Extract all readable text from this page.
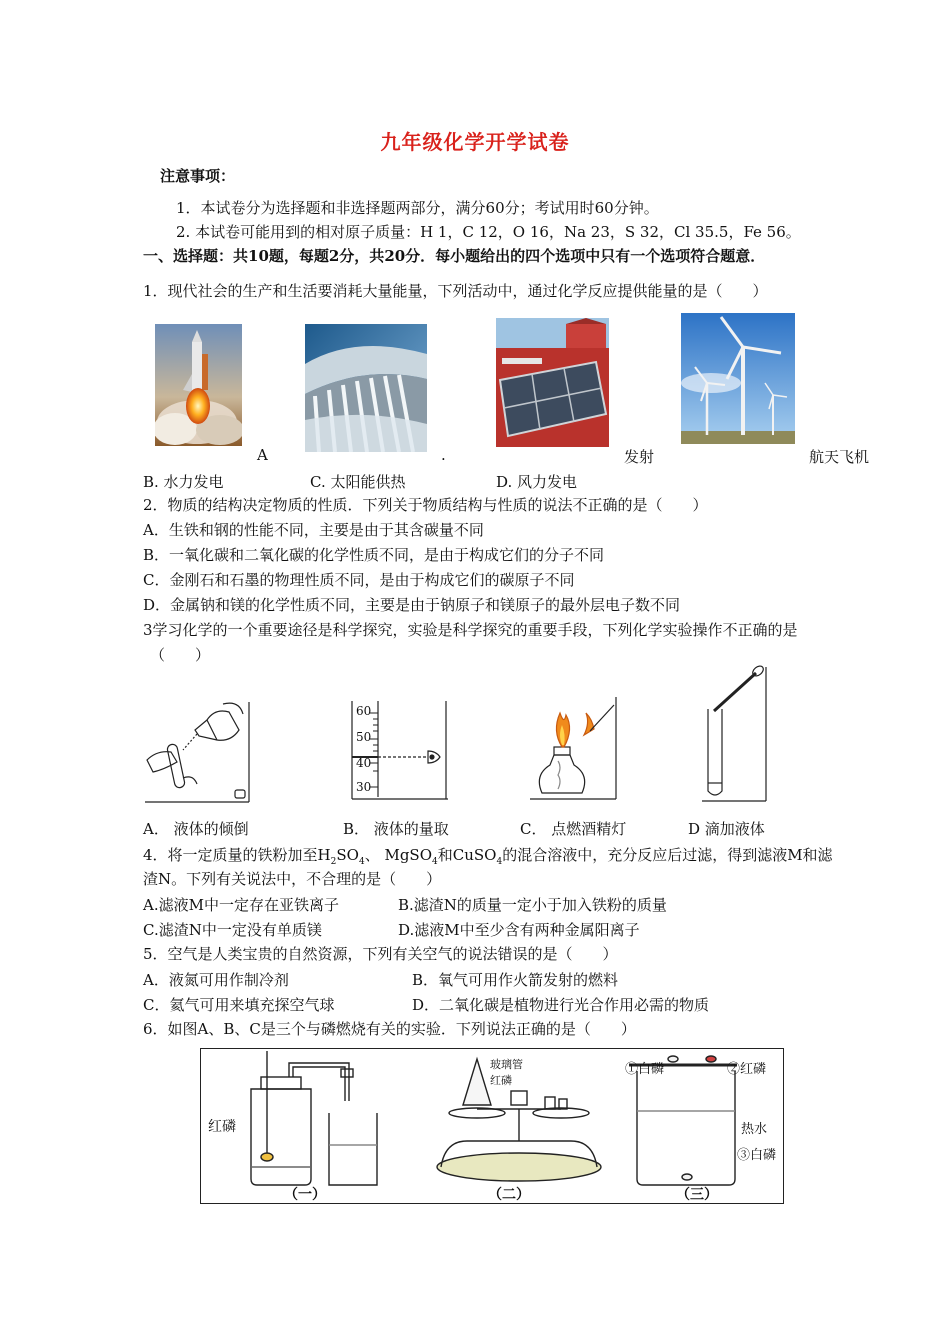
九年级化学开学试卷
注意事项：
1．本试卷分为选择题和非选择题两部分，满分60分；考试用时60分钟。
2. 本试卷可能用到的相对原子质量：H 1，C 12，O 16，Na 23，S 32，Cl 35.5，Fe 56。
一、选择题：共10题，每题2分，共20分．每小题给出的四个选项中只有一个选项符合题意．
1．现代社会的生产和生活要消耗大量能量，下列活动中，通过化学反应提供能量的是（　　）
A	.	发射	航天飞机
B. 水力发电	C. 太阳能供热	D. 风力发电
2．物质的结构决定物质的性质．下列关于物质结构与性质的说法不正确的是（　　）
A．生铁和钢的性能不同，主要是由于其含碳量不同
B．一氧化碳和二氧化碳的化学性质不同，是由于构成它们的分子不同
C．金刚石和石墨的物理性质不同，是由于构成它们的碳原子不同
D．金属钠和镁的化学性质不同，主要是由于钠原子和镁原子的最外层电子数不同
3学习化学的一个重要途径是科学探究，实验是科学探究的重要手段，下列化学实验操作不正确的是
（　　）
60
50
40
30
A． 液体的倾倒	B． 液体的量取	C． 点燃酒精灯	D 滴加液体
4．将一定质量的铁粉加至$H_2SO_4$、 MgSO$_4$和CuSO$_4$的混合溶液中，充分反应后过滤，得到滤液M和滤
渣N。下列有关说法中，不合理的是（　　）
A.滤液M中一定存在亚铁离子	B.滤渣N的质量一定小于加入铁粉的质量
C.滤渣N中一定没有单质镁	D.滤液M中至少含有两种金属阳离子
5．空气是人类宝贵的自然资源，下列有关空气的说法错误的是（　　）
A．液氮可用作制冷剂	B．氧气可用作火箭发射的燃料
C．氦气可用来填充探空气球	D．二氧化碳是植物进行光合作用必需的物质
6．如图A、B、C是三个与磷燃烧有关的实验．下列说法正确的是（　　）
红磷
玻璃管
红磷
①白磷	②红磷
热水
③白磷
（一）	（二）	（三）
